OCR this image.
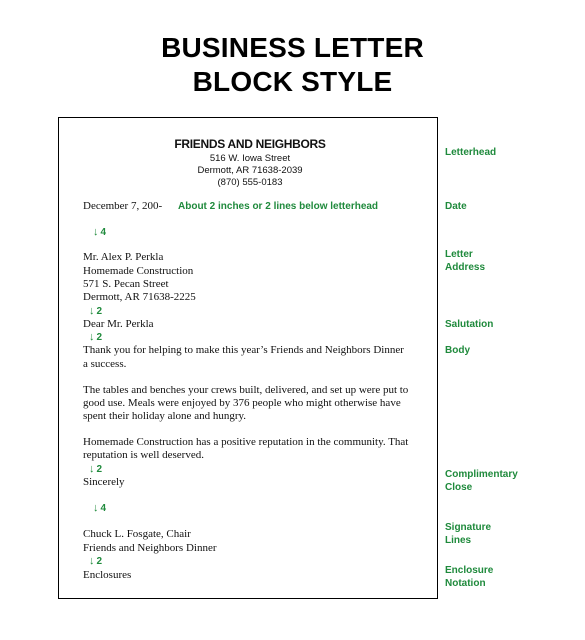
BUSINESS LETTER
BLOCK STYLE
FRIENDS AND NEIGHBORS
516 W. Iowa Street
Dermott, AR 71638-2039
(870) 555-0183
December 7, 200- About 2 inches or 2 lines below letterhead
↓ 4
Mr. Alex P. Perkla
Homemade Construction
571 S. Pecan Street
Dermott, AR 71638-2225
↓ 2
Dear Mr. Perkla
↓ 2
Thank you for helping to make this year’s Friends and Neighbors Dinner
a success.
The tables and benches your crews built, delivered, and set up were put to
good use. Meals were enjoyed by 376 people who might otherwise have
spent their holiday alone and hungry.
Homemade Construction has a positive reputation in the community. That
reputation is well deserved.
↓ 2
Sincerely
↓ 4
Chuck L. Fosgate, Chair
Friends and Neighbors Dinner
↓ 2
Enclosures
Letterhead
Date
Letter
Address
Salutation
Body
Complimentary
Close
Signature
Lines
Enclosure
Notation
